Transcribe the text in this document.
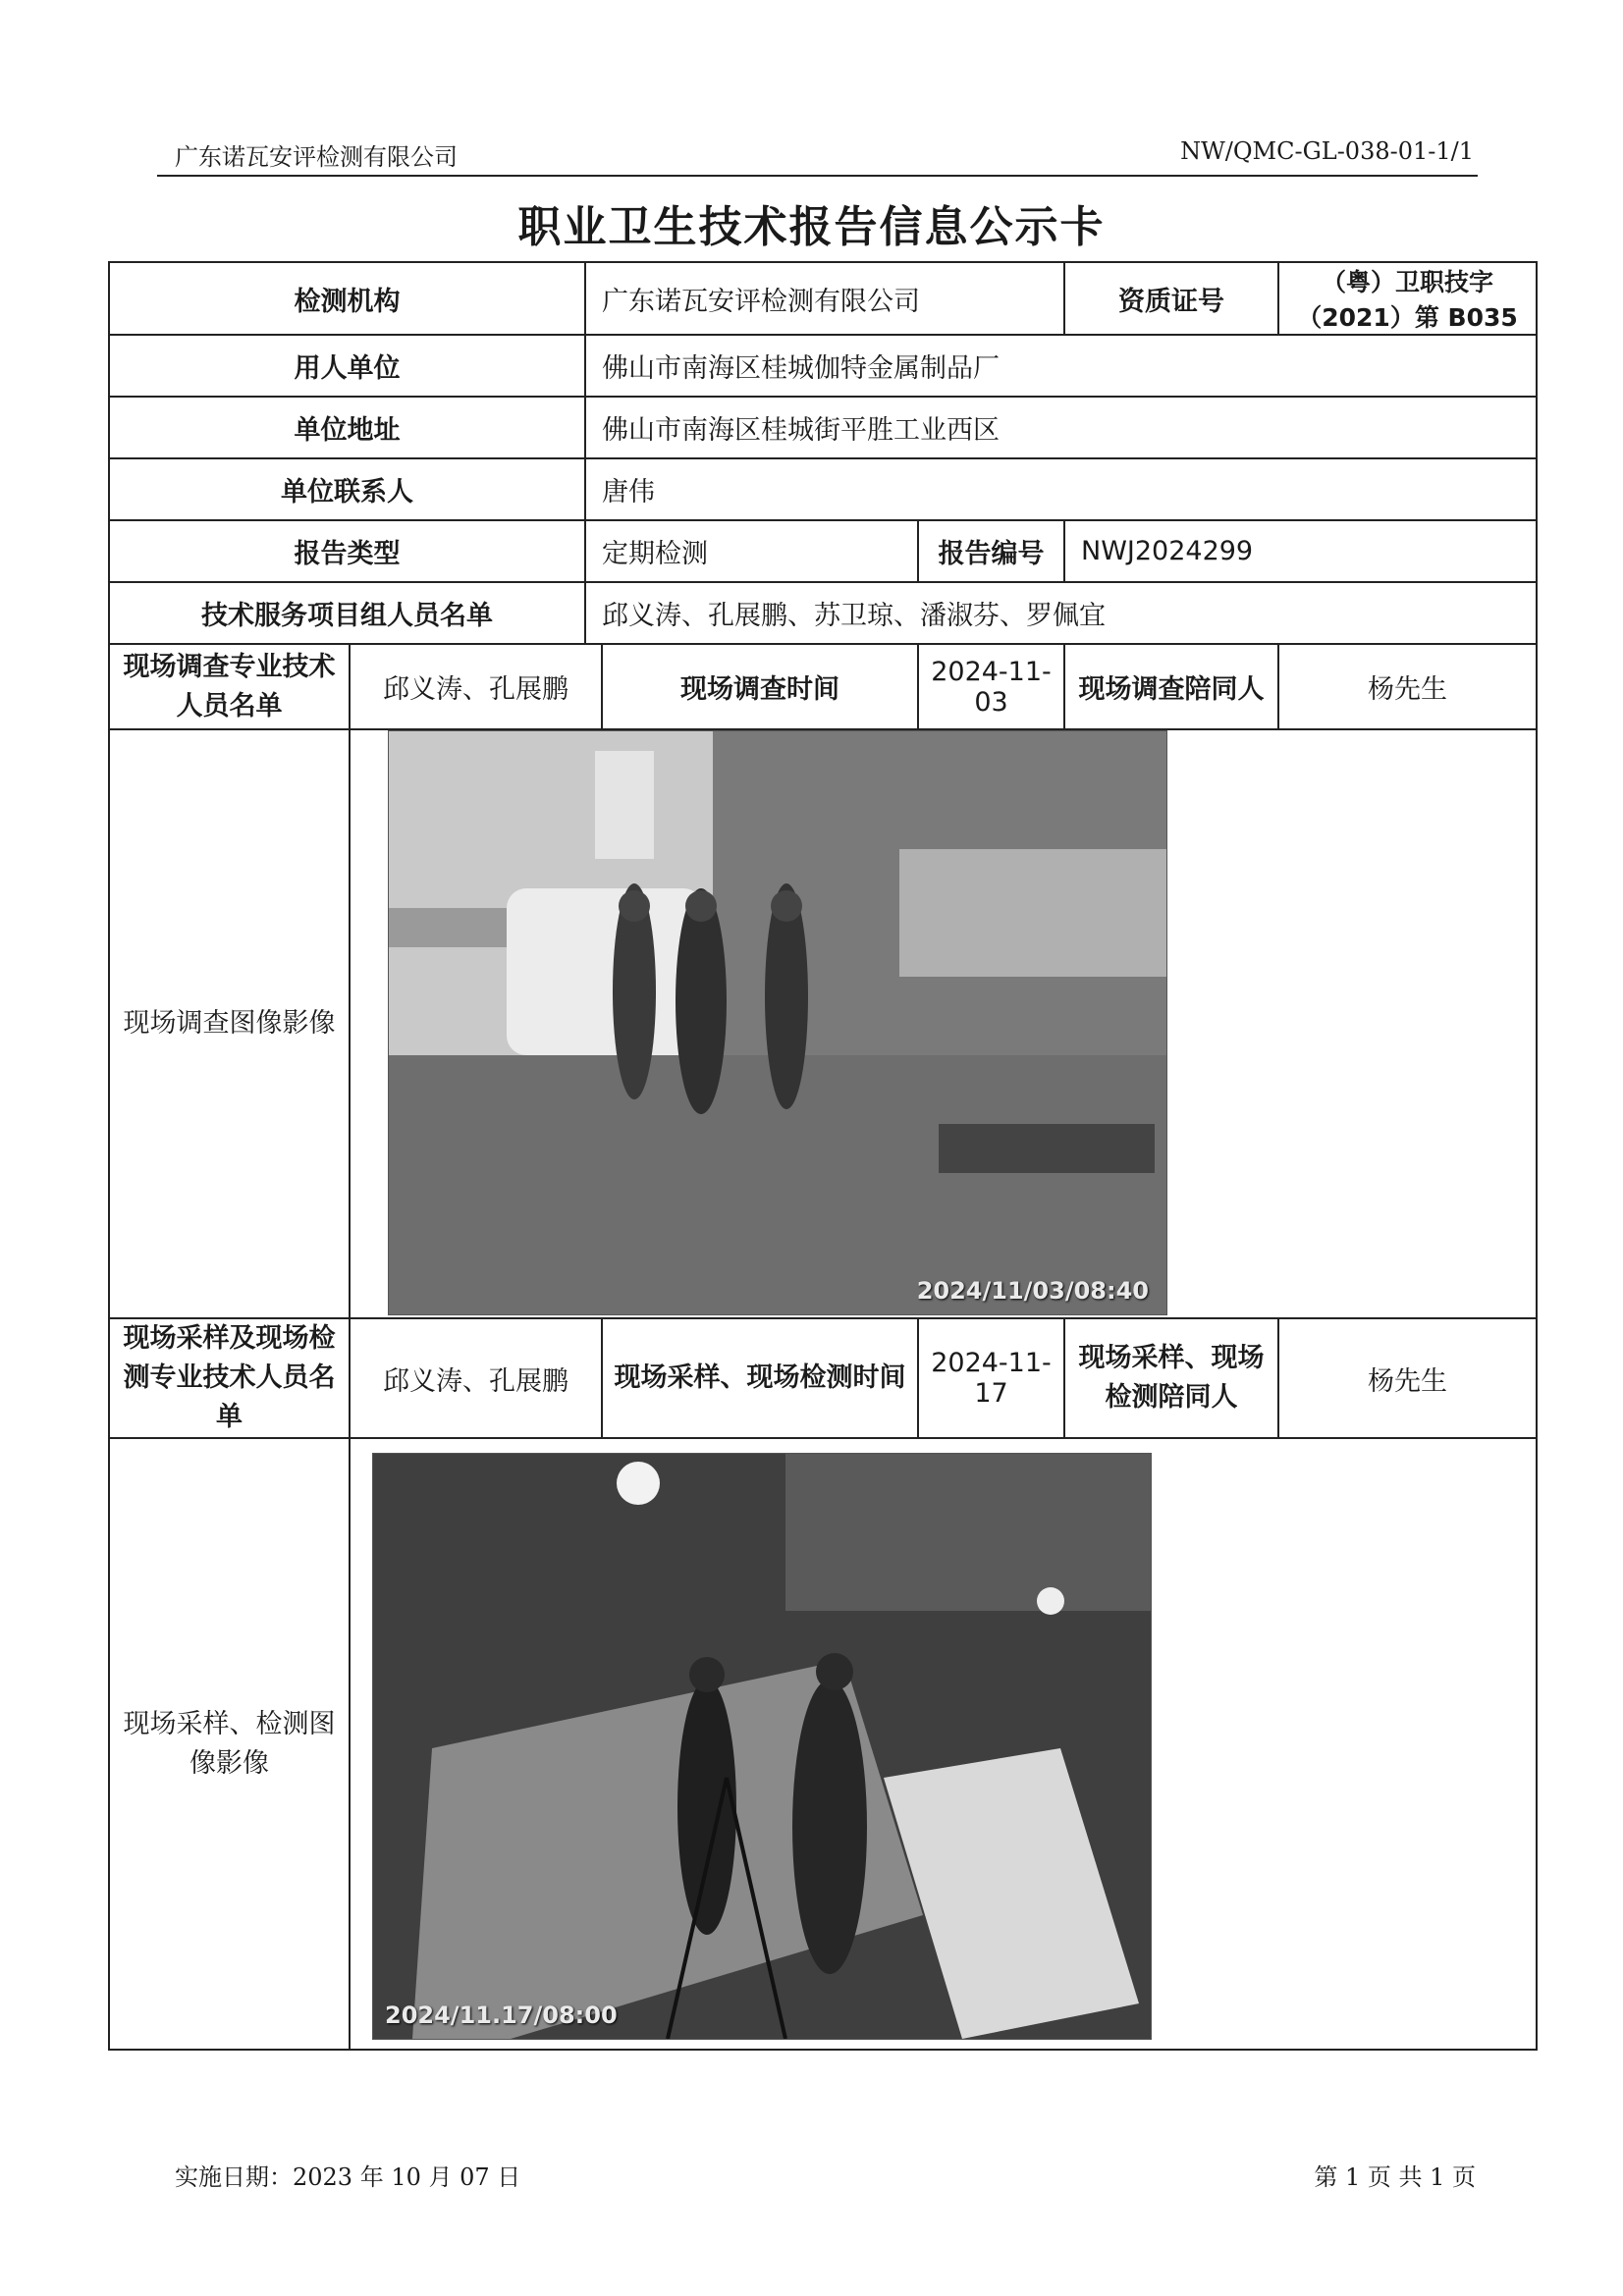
广东诺瓦安评检测有限公司	NW/QMC-GL-038-01-1/1
职业卫生技术报告信息公示卡
检测机构		广东诺瓦安评检测有限公司			资质证号	（粤）卫职技字（2021）第 B035
用人单位		佛山市南海区桂城伽特金属制品厂				
单位地址		佛山市南海区桂城街平胜工业西区				
单位联系人		唐伟				
报告类型		定期检测		报告编号	NWJ2024299	
技术服务项目组人员名单		邱义涛、孔展鹏、苏卫琼、潘淑芬、罗佩宜				
现场调查专业技术人员名单	邱义涛、孔展鹏		现场调查时间	2024-11-03	现场调查陪同人	杨先生
现场调查图像影像	2024/11/03/08:40					

现场采样及现场检测专业技术人员名单	邱义涛、孔展鹏		现场采样、现场检测时间	2024-11-17	现场采样、现场检测陪同人	杨先生
现场采样、检测图像影像	2024/11.17/08:00					
实施日期：2023 年 10 月 07 日	第 1 页 共 1 页
